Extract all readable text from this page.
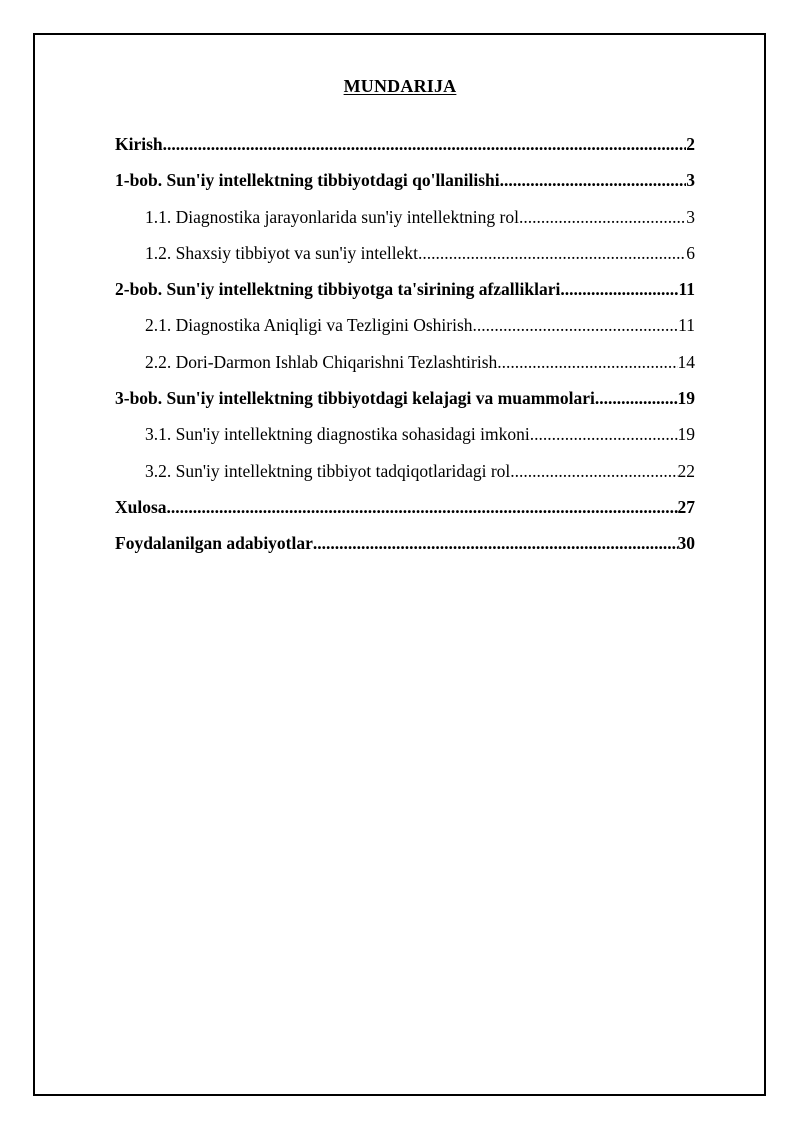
MUNDARIJA
Kirish .....	2
1-bob. Sun'iy intellektning tibbiyotdagi qo'llanilishi .....	3
1.1. Diagnostika jarayonlarida sun'iy intellektning rol .....	3
1.2. Shaxsiy tibbiyot va sun'iy intellekt .....	6
2-bob. Sun'iy intellektning tibbiyotga ta'sirining afzalliklari .....	11
2.1. Diagnostika Aniqligi va Tezligini Oshirish .....	11
2.2. Dori-Darmon Ishlab Chiqarishni Tezlashtirish .....	14
3-bob. Sun'iy intellektning tibbiyotdagi kelajagi va muammolari .....	19
3.1. Sun'iy intellektning diagnostika sohasidagi imkoni .....	19
3.2. Sun'iy intellektning tibbiyot tadqiqotlaridagi rol .....	22
Xulosa .....	27
Foydalanilgan adabiyotlar .....	30
